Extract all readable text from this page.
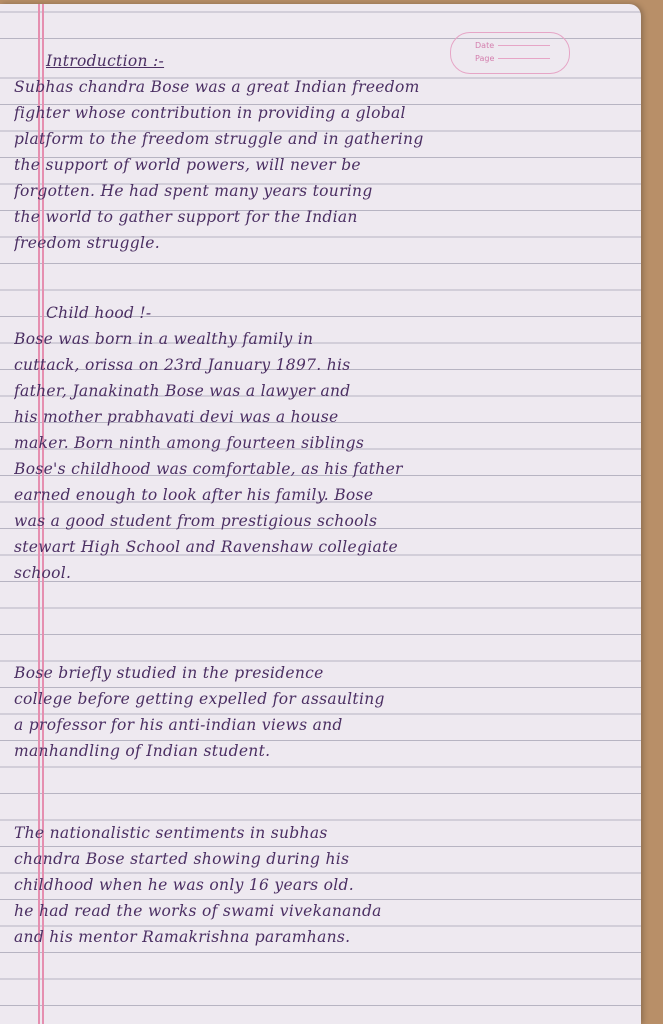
Date
Page
Introduction :-
Subhas chandra Bose was a great Indian freedom
fighter whose contribution in providing a global
platform to the freedom struggle and in gathering
the support of world powers, will never be
forgotten. He had spent many years touring
the world to gather support for the Indian
freedom struggle.
Child hood !-
Bose was born in a wealthy family in
cuttack, orissa on 23rd January 1897. his
father, Janakinath Bose was a lawyer and
his mother prabhavati devi was a house
maker. Born ninth among fourteen siblings
Bose's childhood was comfortable, as his father
earned enough to look after his family. Bose
was a good student from prestigious schools
stewart High School and Ravenshaw collegiate
school.
Bose briefly studied in the presidence
college before getting expelled for assaulting
a professor for his anti-indian views and
manhandling of Indian student.
The nationalistic sentiments in subhas
chandra Bose started showing during his
childhood when he was only 16 years old.
he had read the works of swami vivekananda
and his mentor Ramakrishna paramhans.
